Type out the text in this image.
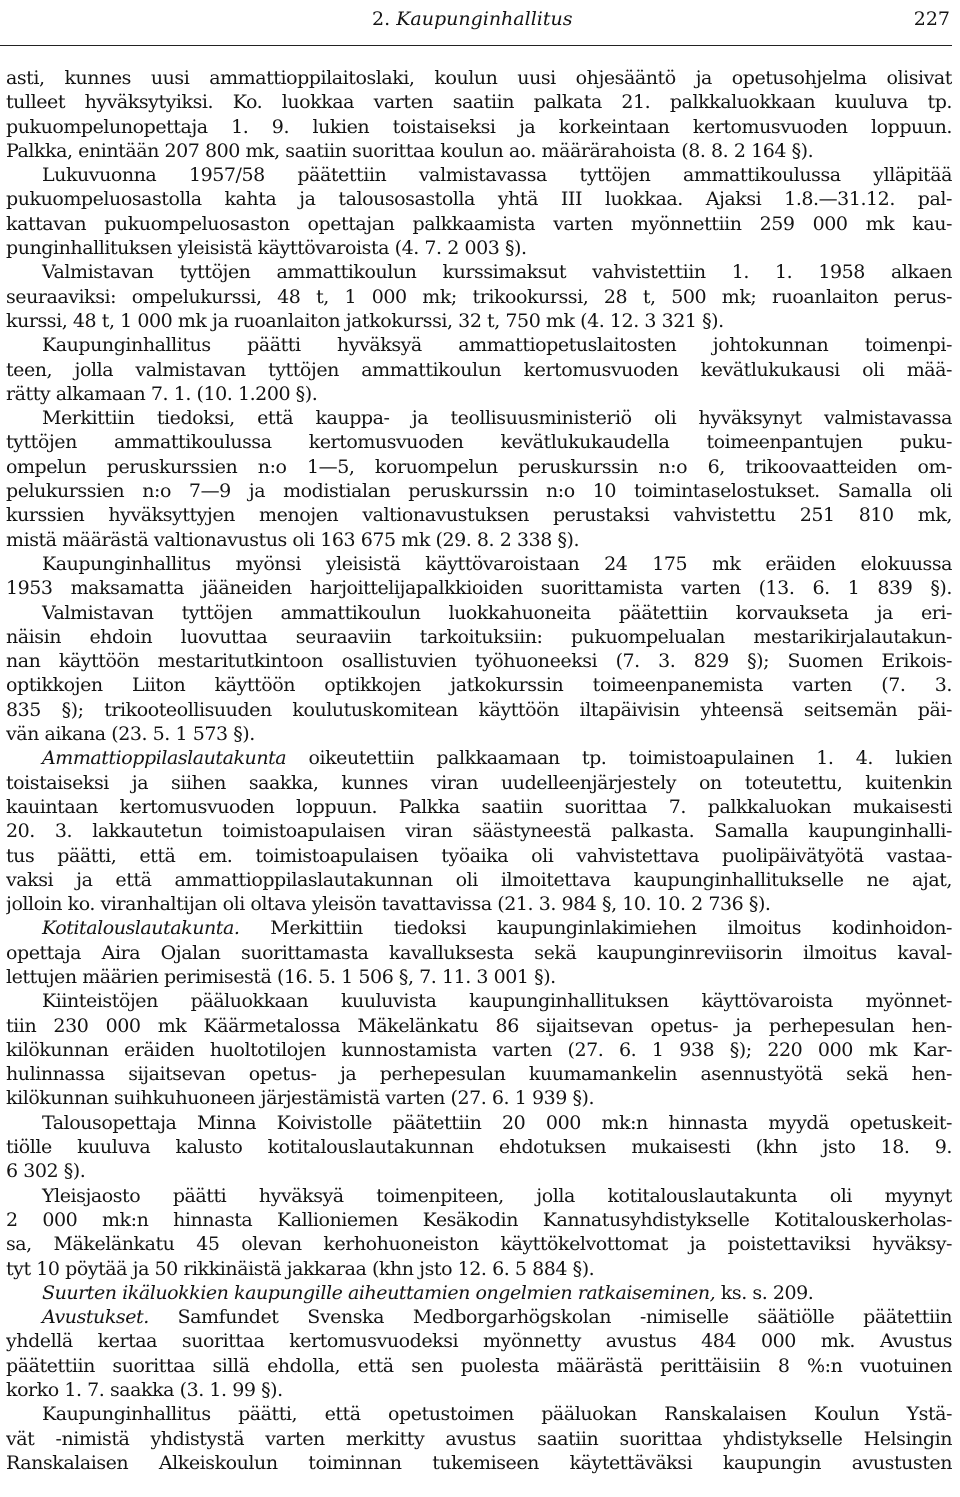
2. Kaupunginhallitus	227
asti, kunnes uusi ammattioppilaitoslaki, koulun uusi ohjesääntö ja opetusohjelma olisivat
tulleet hyväksytyiksi. Ko. luokkaa varten saatiin palkata 21. palkkaluokkaan kuuluva tp.
pukuompelunopettaja 1. 9. lukien toistaiseksi ja korkeintaan kertomusvuoden loppuun.
Palkka, enintään 207 800 mk, saatiin suorittaa koulun ao. määrärahoista (8. 8. 2 164 §).
Lukuvuonna 1957/58 päätettiin valmistavassa tyttöjen ammattikoulussa ylläpitää
pukuompeluosastolla kahta ja talousosastolla yhtä III luokkaa. Ajaksi 1.8.—31.12. pal-
kattavan pukuompeluosaston opettajan palkkaamista varten myönnettiin 259 000 mk kau-
punginhallituksen yleisistä käyttövaroista (4. 7. 2 003 §).
Valmistavan tyttöjen ammattikoulun kurssimaksut vahvistettiin 1. 1. 1958 alkaen
seuraaviksi: ompelukurssi, 48 t, 1 000 mk; trikookurssi, 28 t, 500 mk; ruoanlaiton perus-
kurssi, 48 t, 1 000 mk ja ruoanlaiton jatkokurssi, 32 t, 750 mk (4. 12. 3 321 §).
Kaupunginhallitus päätti hyväksyä ammattiopetuslaitosten johtokunnan toimenpi-
teen, jolla valmistavan tyttöjen ammattikoulun kertomusvuoden kevätlukukausi oli mää-
rätty alkamaan 7. 1. (10. 1.200 §).
Merkittiin tiedoksi, että kauppa- ja teollisuusministeriö oli hyväksynyt valmistavassa
tyttöjen ammattikoulussa kertomusvuoden kevätlukukaudella toimeenpantujen puku-
ompelun peruskurssien n:o 1—5, koruompelun peruskurssin n:o 6, trikoovaatteiden om-
pelukurssien n:o 7—9 ja modistialan peruskurssin n:o 10 toimintaselostukset. Samalla oli
kurssien hyväksyttyjen menojen valtionavustuksen perustaksi vahvistettu 251 810 mk,
mistä määrästä valtionavustus oli 163 675 mk (29. 8. 2 338 §).
Kaupunginhallitus myönsi yleisistä käyttövaroistaan 24 175 mk eräiden elokuussa
1953 maksamatta jääneiden harjoittelijapalkkioiden suorittamista varten (13. 6. 1 839 §).
Valmistavan tyttöjen ammattikoulun luokkahuoneita päätettiin korvaukseta ja eri-
näisin ehdoin luovuttaa seuraaviin tarkoituksiin: pukuompelualan mestarikirjalautakun-
nan käyttöön mestaritutkintoon osallistuvien työhuoneeksi (7. 3. 829 §); Suomen Erikois-
optikkojen Liiton käyttöön optikkojen jatkokurssin toimeenpanemista varten (7. 3.
835 §); trikooteollisuuden koulutuskomitean käyttöön iltapäivisin yhteensä seitsemän päi-
vän aikana (23. 5. 1 573 §).
Ammattioppilaslautakunta oikeutettiin palkkaamaan tp. toimistoapulainen 1. 4. lukien
toistaiseksi ja siihen saakka, kunnes viran uudelleenjärjestely on toteutettu, kuitenkin
kauintaan kertomusvuoden loppuun. Palkka saatiin suorittaa 7. palkkaluokan mukaisesti
20. 3. lakkautetun toimistoapulaisen viran säästyneestä palkasta. Samalla kaupunginhalli-
tus päätti, että em. toimistoapulaisen työaika oli vahvistettava puolipäivätyötä vastaa-
vaksi ja että ammattioppilaslautakunnan oli ilmoitettava kaupunginhallitukselle ne ajat,
jolloin ko. viranhaltijan oli oltava yleisön tavattavissa (21. 3. 984 §, 10. 10. 2 736 §).
Kotitalouslautakunta. Merkittiin tiedoksi kaupunginlakimiehen ilmoitus kodinhoidon-
opettaja Aira Ojalan suorittamasta kavalluksesta sekä kaupunginreviisorin ilmoitus kaval-
lettujen määrien perimisestä (16. 5. 1 506 §, 7. 11. 3 001 §).
Kiinteistöjen pääluokkaan kuuluvista kaupunginhallituksen käyttövaroista myönnet-
tiin 230 000 mk Käärmetalossa Mäkelänkatu 86 sijaitsevan opetus- ja perhepesulan hen-
kilökunnan eräiden huoltotilojen kunnostamista varten (27. 6. 1 938 §); 220 000 mk Kar-
hulinnassa sijaitsevan opetus- ja perhepesulan kuumamankelin asennustyötä sekä hen-
kilökunnan suihkuhuoneen järjestämistä varten (27. 6. 1 939 §).
Talousopettaja Minna Koivistolle päätettiin 20 000 mk:n hinnasta myydä opetuskeit-
tiölle kuuluva kalusto kotitalouslautakunnan ehdotuksen mukaisesti (khn jsto 18. 9.
6 302 §).
Yleisjaosto päätti hyväksyä toimenpiteen, jolla kotitalouslautakunta oli myynyt
2 000 mk:n hinnasta Kallioniemen Kesäkodin Kannatusyhdistykselle Kotitalouskerholas-
sa, Mäkelänkatu 45 olevan kerhohuoneiston käyttökelvottomat ja poistettaviksi hyväksy-
tyt 10 pöytää ja 50 rikkinäistä jakkaraa (khn jsto 12. 6. 5 884 §).
Suurten ikäluokkien kaupungille aiheuttamien ongelmien ratkaiseminen, ks. s. 209.
Avustukset. Samfundet Svenska Medborgarhögskolan -nimiselle säätiölle päätettiin
yhdellä kertaa suorittaa kertomusvuodeksi myönnetty avustus 484 000 mk. Avustus
päätettiin suorittaa sillä ehdolla, että sen puolesta määrästä perittäisiin 8 %:n vuotuinen
korko 1. 7. saakka (3. 1. 99 §).
Kaupunginhallitus päätti, että opetustoimen pääluokan Ranskalaisen Koulun Ystä-
vät -nimistä yhdistystä varten merkitty avustus saatiin suorittaa yhdistykselle Helsingin
Ranskalaisen Alkeiskoulun toiminnan tukemiseen käytettäväksi kaupungin avustusten
